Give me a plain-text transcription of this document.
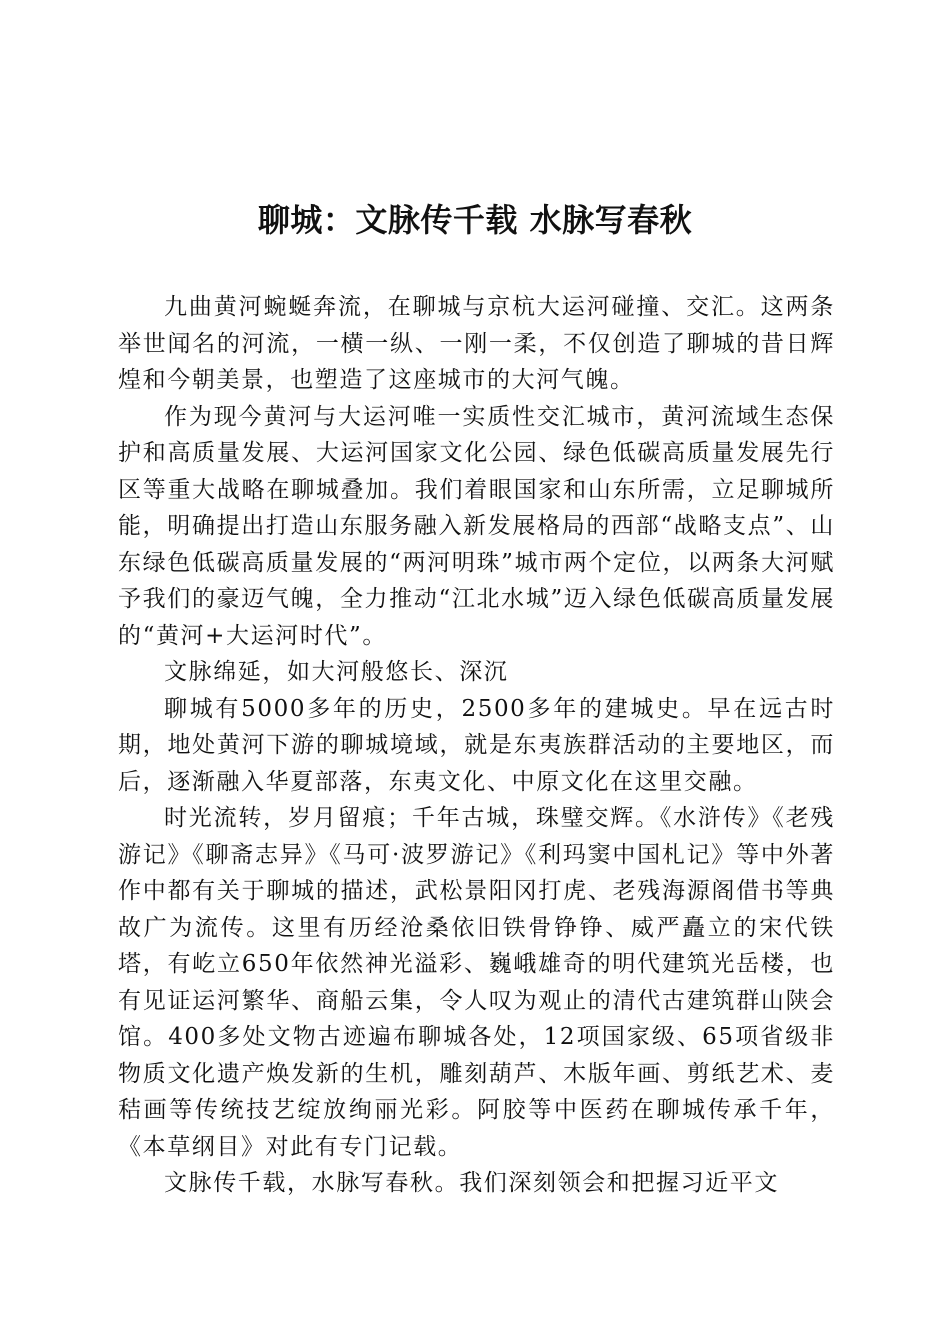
聊城：文脉传千载 水脉写春秋

九曲黄河蜿蜒奔流，在聊城与京杭大运河碰撞、交汇。这两条举世闻名的河流，一横一纵、一刚一柔，不仅创造了聊城的昔日辉煌和今朝美景，也塑造了这座城市的大河气魄。

作为现今黄河与大运河唯一实质性交汇城市，黄河流域生态保护和高质量发展、大运河国家文化公园、绿色低碳高质量发展先行区等重大战略在聊城叠加。我们着眼国家和山东所需，立足聊城所能，明确提出打造山东服务融入新发展格局的西部“战略支点”、山东绿色低碳高质量发展的“两河明珠”城市两个定位，以两条大河赋予我们的豪迈气魄，全力推动“江北水城”迈入绿色低碳高质量发展的“黄河+大运河时代”。

文脉绵延，如大河般悠长、深沉

聊城有5000多年的历史，2500多年的建城史。早在远古时期，地处黄河下游的聊城境域，就是东夷族群活动的主要地区，而后，逐渐融入华夏部落，东夷文化、中原文化在这里交融。

时光流转，岁月留痕；千年古城，珠璧交辉。《水浒传》《老残游记》《聊斋志异》《马可·波罗游记》《利玛窦中国札记》等中外著作中都有关于聊城的描述，武松景阳冈打虎、老残海源阁借书等典故广为流传。这里有历经沧桑依旧铁骨铮铮、威严矗立的宋代铁塔，有屹立650年依然神光溢彩、巍峨雄奇的明代建筑光岳楼，也有见证运河繁华、商船云集，令人叹为观止的清代古建筑群山陕会馆。400多处文物古迹遍布聊城各处，12项国家级、65项省级非物质文化遗产焕发新的生机，雕刻葫芦、木版年画、剪纸艺术、麦秸画等传统技艺绽放绚丽光彩。阿胶等中医药在聊城传承千年，《本草纲目》对此有专门记载。

文脉传千载，水脉写春秋。我们深刻领会和把握习近平文
